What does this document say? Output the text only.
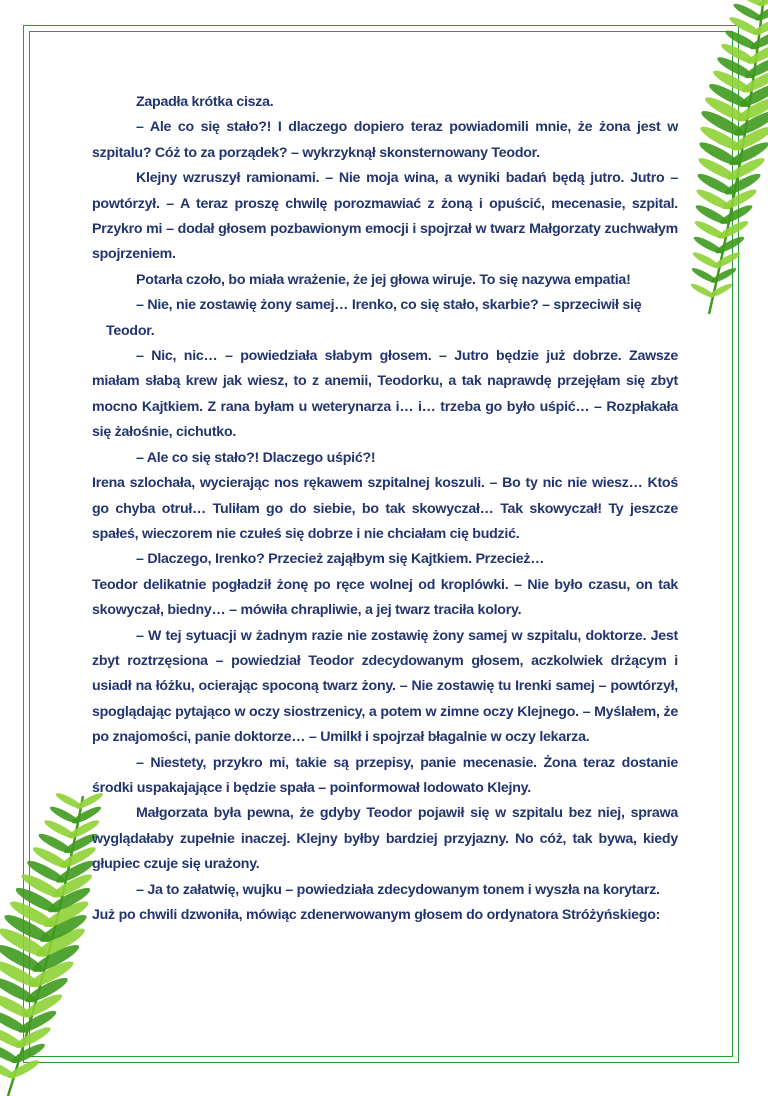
Zapadła krótka cisza.

– Ale co się stało?! I dlaczego dopiero teraz powiadomili mnie, że żona jest w szpitalu? Cóż to za porządek? – wykrzyknął skonsternowany Teodor.

Klejny wzruszył ramionami. – Nie moja wina, a wyniki badań będą jutro. Jutro – powtórzył. – A teraz proszę chwilę porozmawiać z żoną i opuścić, mecenasie, szpital. Przykro mi – dodał głosem pozbawionym emocji i spojrzał w twarz Małgorzaty zuchwałym spojrzeniem.

Potarła czoło, bo miała wrażenie, że jej głowa wiruje. To się nazywa empatia!

– Nie, nie zostawię żony samej… Irenko, co się stało, skarbie? – sprzeciwił się

Teodor.

– Nic, nic… – powiedziała słabym głosem. – Jutro będzie już dobrze. Zawsze miałam słabą krew jak wiesz, to z anemii, Teodorku, a tak naprawdę przejęłam się zbyt mocno Kajtkiem. Z rana byłam u weterynarza i… i… trzeba go było uśpić… – Rozpłakała się żałośnie, cichutko.

– Ale co się stało?! Dlaczego uśpić?!

Irena szlochała, wycierając nos rękawem szpitalnej koszuli. – Bo ty nic nie wiesz… Ktoś go chyba otruł… Tuliłam go do siebie, bo tak skowyczał… Tak skowyczał! Ty jeszcze spałeś, wieczorem nie czułeś się dobrze i nie chciałam cię budzić.

– Dlaczego, Irenko? Przecież zająłbym się Kajtkiem. Przecież…

Teodor delikatnie pogładził żonę po ręce wolnej od kroplówki. – Nie było czasu, on tak skowyczał, biedny… – mówiła chrapliwie, a jej twarz traciła kolory.

– W tej sytuacji w żadnym razie nie zostawię żony samej w szpitalu, doktorze. Jest zbyt roztrzęsiona – powiedział Teodor zdecydowanym głosem, aczkolwiek drżącym i usiadł na łóżku, ocierając spoconą twarz żony. – Nie zostawię tu Irenki samej – powtórzył, spoglądając pytająco w oczy siostrzenicy, a potem w zimne oczy Klejnego. – Myślałem, że po znajomości, panie doktorze… – Umilkł i spojrzał błagalnie w oczy lekarza.

– Niestety, przykro mi, takie są przepisy, panie mecenasie. Żona teraz dostanie środki uspakajające i będzie spała – poinformował lodowato Klejny.

Małgorzata była pewna, że gdyby Teodor pojawił się w szpitalu bez niej, sprawa wyglądałaby zupełnie inaczej. Klejny byłby bardziej przyjazny. No cóż, tak bywa, kiedy głupiec czuje się urażony.

– Ja to załatwię, wujku – powiedziała zdecydowanym tonem i wyszła na korytarz.

Już po chwili dzwoniła, mówiąc zdenerwowanym głosem do ordynatora Stróżyńskiego:
